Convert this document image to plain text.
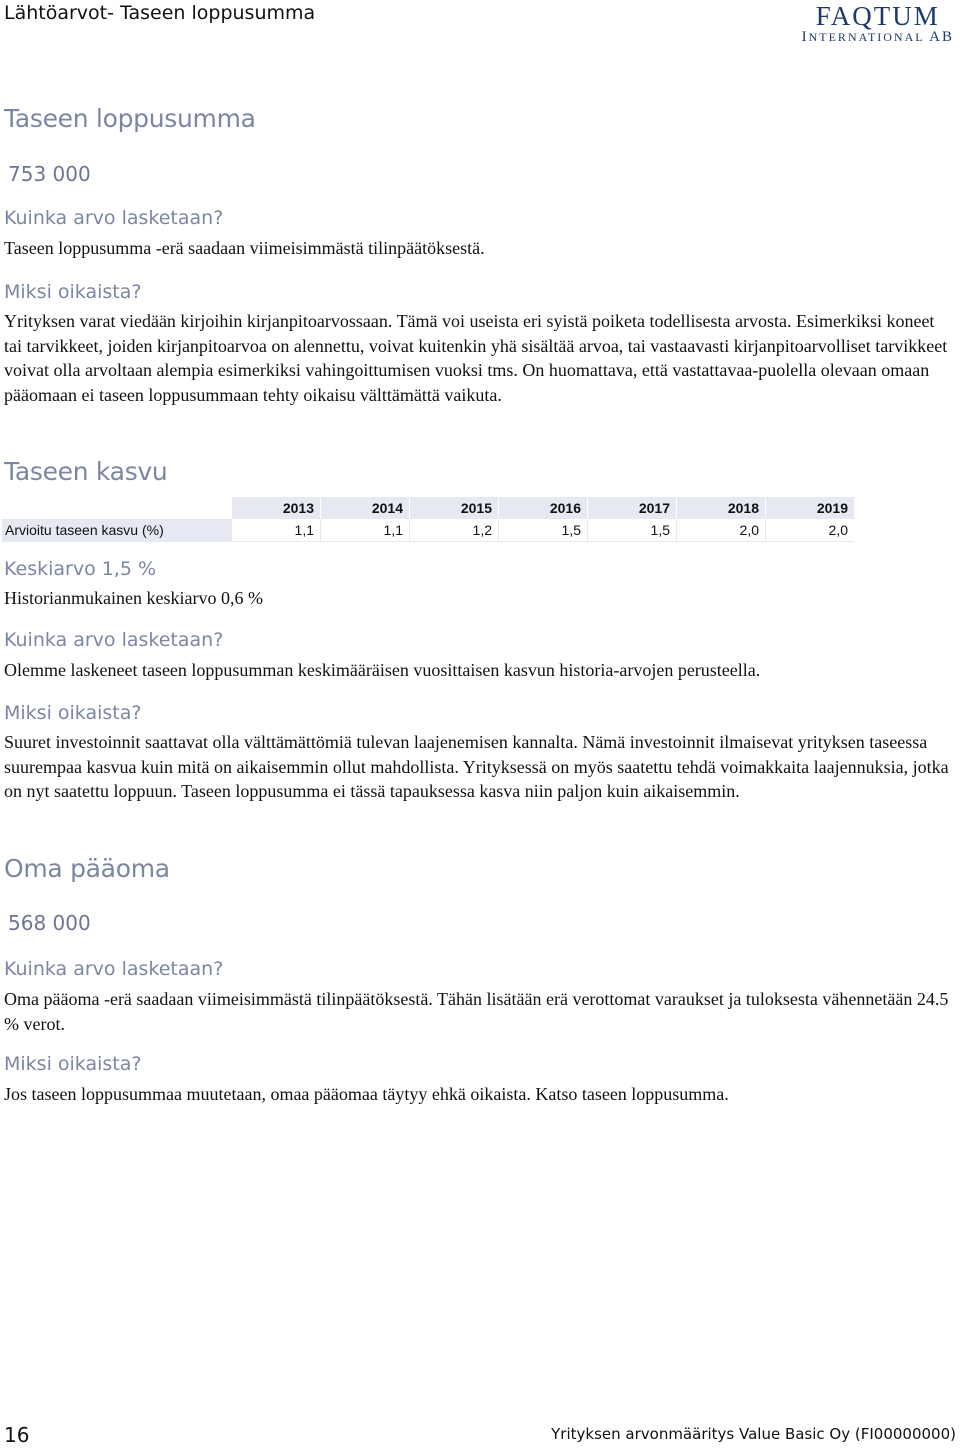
Lähtöarvot- Taseen loppusumma	FAQTUM
INTERNATIONAL AB
Taseen loppusumma
753 000
Kuinka arvo lasketaan?
Taseen loppusumma -erä saadaan viimeisimmästä tilinpäätöksestä.
Miksi oikaista?
Yrityksen varat viedään kirjoihin kirjanpitoarvossaan. Tämä voi useista eri syistä poiketa todellisesta arvosta. Esimerkiksi koneet tai tarvikkeet, joiden kirjanpitoarvoa on alennettu, voivat kuitenkin yhä sisältää arvoa, tai vastaavasti kirjanpitoarvolliset tarvikkeet voivat olla arvoltaan alempia esimerkiksi vahingoittumisen vuoksi tms. On huomattava, että vastattavaa-puolella olevaan omaan pääomaan ei taseen loppusummaan tehty oikaisu välttämättä vaikuta.
Taseen kasvu
	2013	2014	2015	2016	2017	2018	2019
Arvioitu taseen kasvu (%)	1,1	1,1	1,2	1,5	1,5	2,0	2,0
Keskiarvo 1,5 %
Historianmukainen keskiarvo 0,6 %
Kuinka arvo lasketaan?
Olemme laskeneet taseen loppusumman keskimääräisen vuosittaisen kasvun historia-arvojen perusteella.
Miksi oikaista?
Suuret investoinnit saattavat olla välttämättömiä tulevan laajenemisen kannalta. Nämä investoinnit ilmaisevat yrityksen taseessa suurempaa kasvua kuin mitä on aikaisemmin ollut mahdollista. Yrityksessä on myös saatettu tehdä voimakkaita laajennuksia, jotka on nyt saatettu loppuun. Taseen loppusumma ei tässä tapauksessa kasva niin paljon kuin aikaisemmin.
Oma pääoma
568 000
Kuinka arvo lasketaan?
Oma pääoma -erä saadaan viimeisimmästä tilinpäätöksestä. Tähän lisätään erä verottomat varaukset ja tuloksesta vähennetään 24.5 % verot.
Miksi oikaista?
Jos taseen loppusummaa muutetaan, omaa pääomaa täytyy ehkä oikaista. Katso taseen loppusumma.
16	Yrityksen arvonmääritys Value Basic Oy (FI00000000)
